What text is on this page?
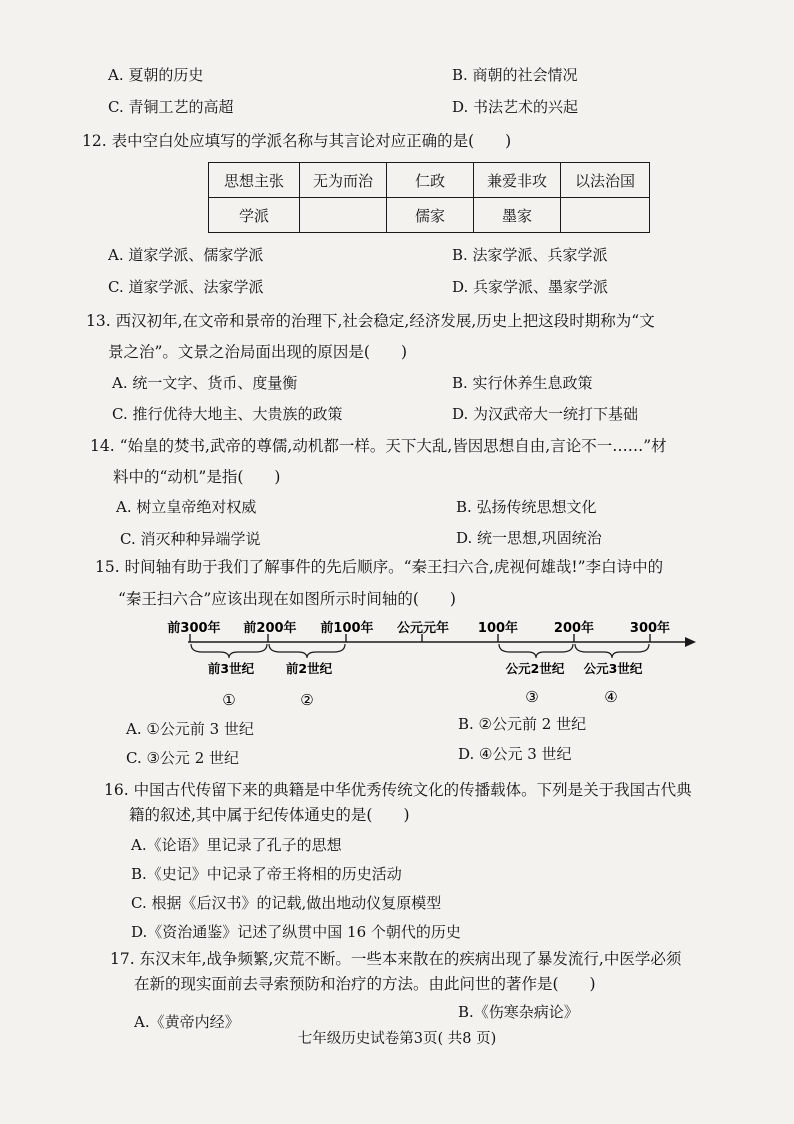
A. 夏朝的历史	B. 商朝的社会情况
C. 青铜工艺的高超	D. 书法艺术的兴起
12. 表中空白处应填写的学派名称与其言论对应正确的是(　　)
思想主张	无为而治	仁政	兼爱非攻	以法治国
学派		儒家	墨家	
A. 道家学派、儒家学派	B. 法家学派、兵家学派
C. 道家学派、法家学派	D. 兵家学派、墨家学派
13. 西汉初年,在文帝和景帝的治理下,社会稳定,经济发展,历史上把这段时期称为“文
景之治”。文景之治局面出现的原因是(　　)
A. 统一文字、货币、度量衡	B. 实行休养生息政策
C. 推行优待大地主、大贵族的政策	D. 为汉武帝大一统打下基础
14. “始皇的焚书,武帝的尊儒,动机都一样。天下大乱,皆因思想自由,言论不一……”材
料中的“动机”是指(　　)
A. 树立皇帝绝对权威	B. 弘扬传统思想文化
C. 消灭种种异端学说	D. 统一思想,巩固统治
15. 时间轴有助于我们了解事件的先后顺序。“秦王扫六合,虎视何雄哉!”李白诗中的
“秦王扫六合”应该出现在如图所示时间轴的(　　)
前300年 前200年 前100年 公元元年 100年	200年	300年
前3世纪	前2世纪	公元2世纪 公元3世纪
①	②	③	④
A. ①公元前 3 世纪	B. ②公元前 2 世纪
C. ③公元 2 世纪	D. ④公元 3 世纪
16. 中国古代传留下来的典籍是中华优秀传统文化的传播载体。下列是关于我国古代典
籍的叙述,其中属于纪传体通史的是(　　)
A.《论语》里记录了孔子的思想
B.《史记》中记录了帝王将相的历史活动
C. 根据《后汉书》的记载,做出地动仪复原模型
D.《资治通鉴》记述了纵贯中国 16 个朝代的历史
17. 东汉末年,战争频繁,灾荒不断。一些本来散在的疾病出现了暴发流行,中医学必须
在新的现实面前去寻索预防和治疗的方法。由此问世的著作是(　　)
A.《黄帝内经》
B.《伤寒杂病论》
七年级历史试卷第3页( 共8 页)
